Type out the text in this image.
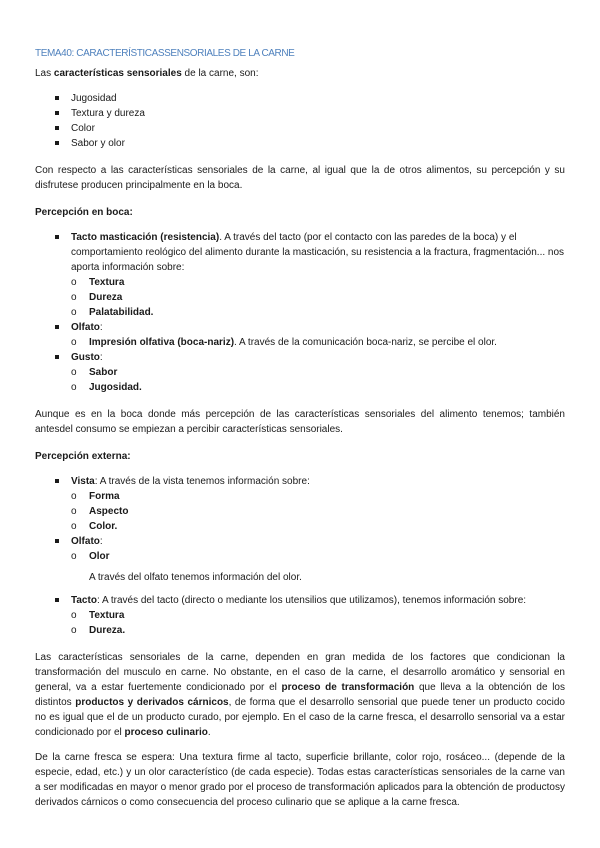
TEMA40: CARACTERÍSTICASSENSORIALES DE LA CARNE

Las características sensoriales de la carne, son:

Jugosidad
Textura y dureza
Color
Sabor y olor

Con respecto a las características sensoriales de la carne, al igual que la de otros alimentos, su percepción y su disfrutese producen principalmente en la boca.

Percepción en boca:

Tacto masticación (resistencia). A través del tacto (por el contacto con las paredes de la boca) y el comportamiento reológico del alimento durante la masticación, su resistencia a la fractura, fragmentación... nos aporta información sobre:
o Textura
o Dureza
o Palatabilidad.
Olfato:
o Impresión olfativa (boca-nariz). A través de la comunicación boca-nariz, se percibe el olor.
Gusto:
o Sabor
o Jugosidad.

Aunque es en la boca donde más percepción de las características sensoriales del alimento tenemos; también antesdel consumo se empiezan a percibir características sensoriales.

Percepción externa:

Vista: A través de la vista tenemos información sobre:
o Forma
o Aspecto
o Color.
Olfato:
o Olor
A través del olfato tenemos información del olor.
Tacto: A través del tacto (directo o mediante los utensilios que utilizamos), tenemos información sobre:
o Textura
o Dureza.

Las características sensoriales de la carne, dependen en gran medida de los factores que condicionan la transformación del musculo en carne. No obstante, en el caso de la carne, el desarrollo aromático y sensorial en general, va a estar fuertemente condicionado por el proceso de transformación que lleva a la obtención de los distintos productos y derivados cárnicos, de forma que el desarrollo sensorial que puede tener un producto cocido no es igual que el de un producto curado, por ejemplo. En el caso de la carne fresca, el desarrollo sensorial va a estar condicionado por el proceso culinario.

De la carne fresca se espera: Una textura firme al tacto, superficie brillante, color rojo, rosáceo... (depende de la especie, edad, etc.) y un olor característico (de cada especie). Todas estas características sensoriales de la carne van a ser modificadas en mayor o menor grado por el proceso de transformación aplicados para la obtención de productosy derivados cárnicos o como consecuencia del proceso culinario que se aplique a la carne fresca.
